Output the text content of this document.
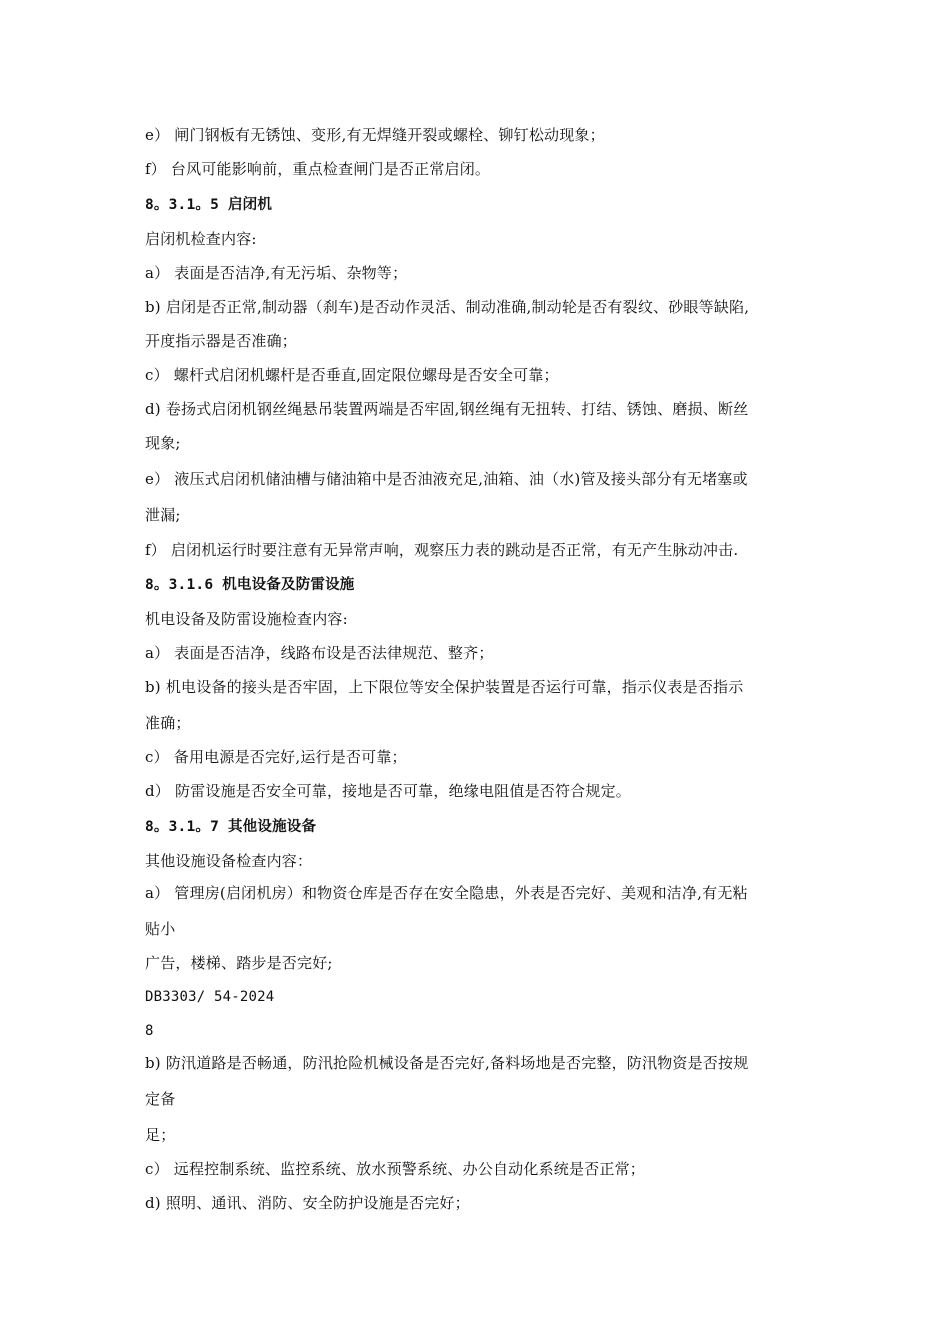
e） 闸门钢板有无锈蚀、变形,有无焊缝开裂或螺栓、铆钉松动现象；
f） 台风可能影响前，重点检查闸门是否正常启闭。
8。3.1。5 启闭机
启闭机检查内容:
a） 表面是否洁净,有无污垢、杂物等；
b) 启闭是否正常,制动器（刹车)是否动作灵活、制动准确,制动轮是否有裂纹、砂眼等缺陷,
开度指示器是否准确；
c） 螺杆式启闭机螺杆是否垂直,固定限位螺母是否安全可靠；
d) 卷扬式启闭机钢丝绳悬吊装置两端是否牢固,钢丝绳有无扭转、打结、锈蚀、磨损、断丝
现象;
e） 液压式启闭机储油槽与储油箱中是否油液充足,油箱、油（水)管及接头部分有无堵塞或
泄漏;
f） 启闭机运行时要注意有无异常声响，观察压力表的跳动是否正常，有无产生脉动冲击.
8。3.1.6 机电设备及防雷设施
机电设备及防雷设施检查内容:
a） 表面是否洁净，线路布设是否法律规范、整齐；
b) 机电设备的接头是否牢固，上下限位等安全保护装置是否运行可靠，指示仪表是否指示
准确；
c） 备用电源是否完好,运行是否可靠；
d） 防雷设施是否安全可靠，接地是否可靠，绝缘电阻值是否符合规定。
8。3.1。7 其他设施设备
其他设施设备检查内容：
a） 管理房(启闭机房）和物资仓库是否存在安全隐患，外表是否完好、美观和洁净,有无粘
贴小
广告，楼梯、踏步是否完好;
DB3303/ 54-2024
8
b) 防汛道路是否畅通，防汛抢险机械设备是否完好,备料场地是否完整，防汛物资是否按规
定备
足；
c） 远程控制系统、监控系统、放水预警系统、办公自动化系统是否正常；
d) 照明、通讯、消防、安全防护设施是否完好；
